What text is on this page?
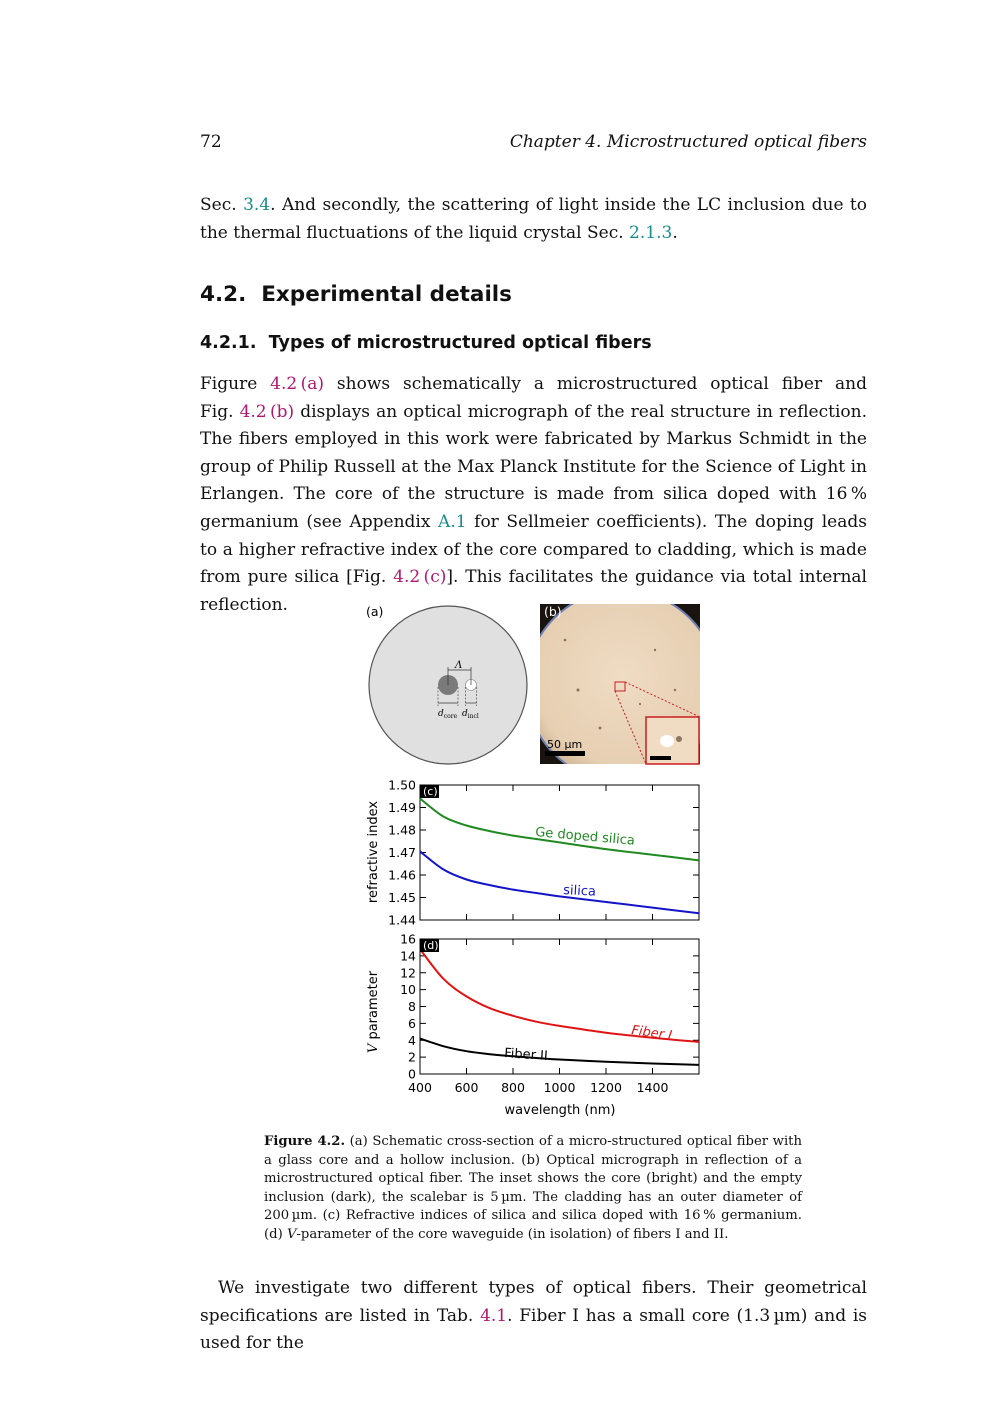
72	Chapter 4. Microstructured optical fibers

Sec. 3.4. And secondly, the scattering of light inside the LC inclusion due to the thermal fluctuations of the liquid crystal Sec. 2.1.3.

4.2. Experimental details
4.2.1. Types of microstructured optical fibers

Figure 4.2 (a) shows schematically a microstructured optical fiber and Fig. 4.2 (b) displays an optical micrograph of the real structure in reflection. The fibers employed in this work were fabricated by Markus Schmidt in the group of Philip Russell at the Max Planck Institute for the Science of Light in Erlangen. The core of the structure is made from silica doped with 16 % germanium (see Appendix A.1 for Sellmeier coefficients). The doping leads to a higher refractive index of the core compared to cladding, which is made from pure silica [Fig. 4.2 (c)]. This facilitates the guidance via total internal reflection.	(a)
Λ
$d_{core}$ $d_{incl}$
(b)
50 µm
1.44
1.45
1.46
1.47
1.48
1.49
1.50 (c)
Ge doped silica
silica
refractive index
0
2
4
6
8
10
12
14
16
400 600 800 1000 1200 1400
(d)
Fiber I
Fiber II
V parameter
wavelength (nm)
Figure 4.2. (a) Schematic cross-section of a micro-structured optical fiber with a glass core and a hollow inclusion. (b) Optical micrograph in reflection of a microstructured optical fiber. The inset shows the core (bright) and the empty inclusion (dark), the scalebar is 5 µm. The cladding has an outer diameter of 200 µm. (c) Refractive indices of silica and silica doped with 16 % germanium. (d) V-parameter of the core waveguide (in isolation) of fibers I and II.

We investigate two different types of optical fibers. Their geometrical specifications are listed in Tab. 4.1. Fiber I has a small core (1.3 µm) and is used for the
